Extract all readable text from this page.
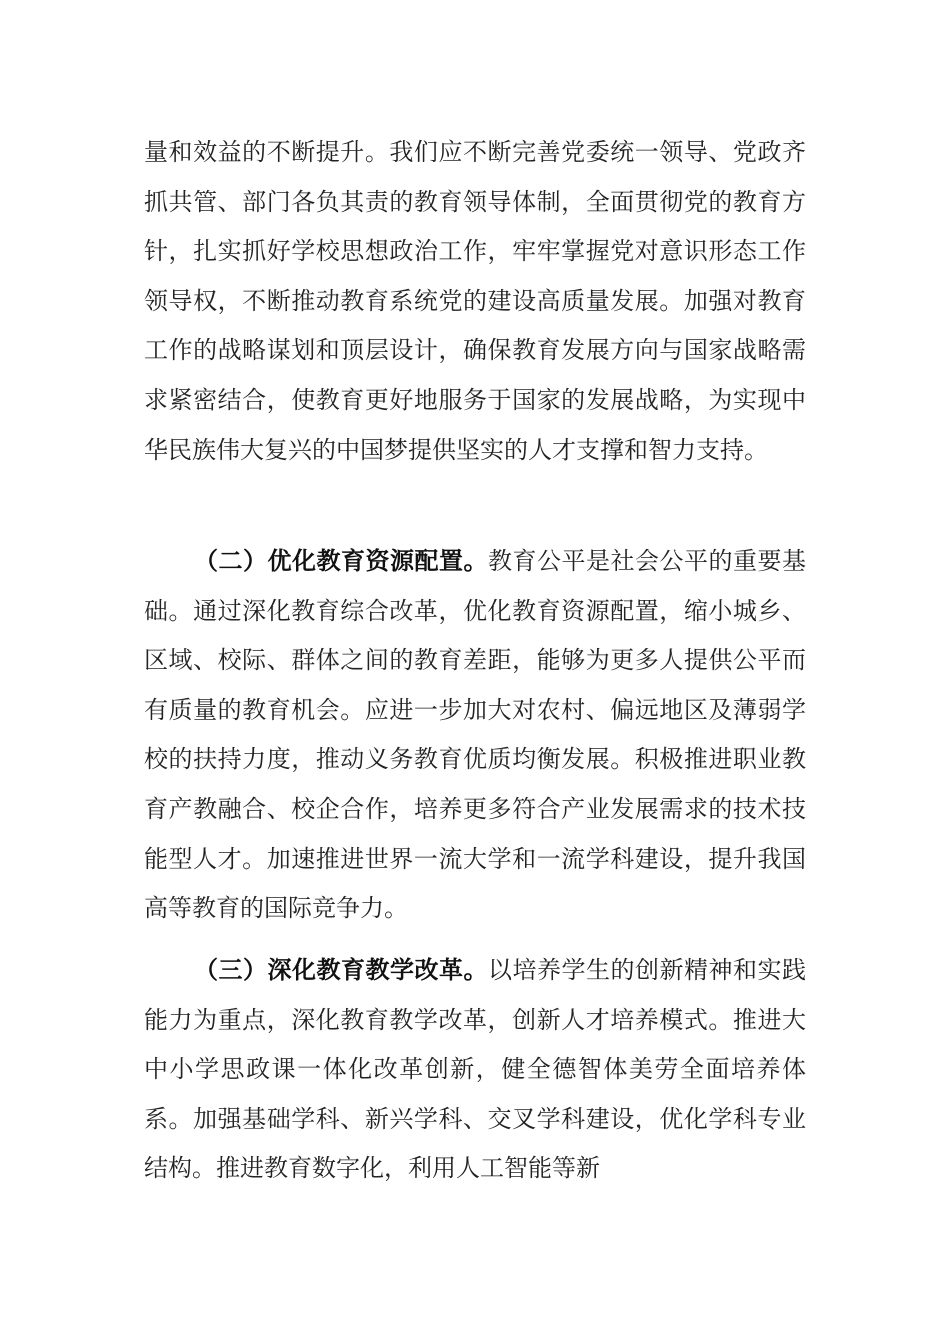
量和效益的不断提升。我们应不断完善党委统一领导、党政齐抓共管、部门各负其责的教育领导体制，全面贯彻党的教育方针，扎实抓好学校思想政治工作，牢牢掌握党对意识形态工作领导权，不断推动教育系统党的建设高质量发展。加强对教育工作的战略谋划和顶层设计，确保教育发展方向与国家战略需求紧密结合，使教育更好地服务于国家的发展战略，为实现中华民族伟大复兴的中国梦提供坚实的人才支撑和智力支持。

（二）优化教育资源配置。教育公平是社会公平的重要基础。通过深化教育综合改革，优化教育资源配置，缩小城乡、区域、校际、群体之间的教育差距，能够为更多人提供公平而有质量的教育机会。应进一步加大对农村、偏远地区及薄弱学校的扶持力度，推动义务教育优质均衡发展。积极推进职业教育产教融合、校企合作，培养更多符合产业发展需求的技术技能型人才。加速推进世界一流大学和一流学科建设，提升我国高等教育的国际竞争力。

（三）深化教育教学改革。以培养学生的创新精神和实践能力为重点，深化教育教学改革，创新人才培养模式。推进大中小学思政课一体化改革创新，健全德智体美劳全面培养体系。加强基础学科、新兴学科、交叉学科建设，优化学科专业结构。推进教育数字化，利用人工智能等新
